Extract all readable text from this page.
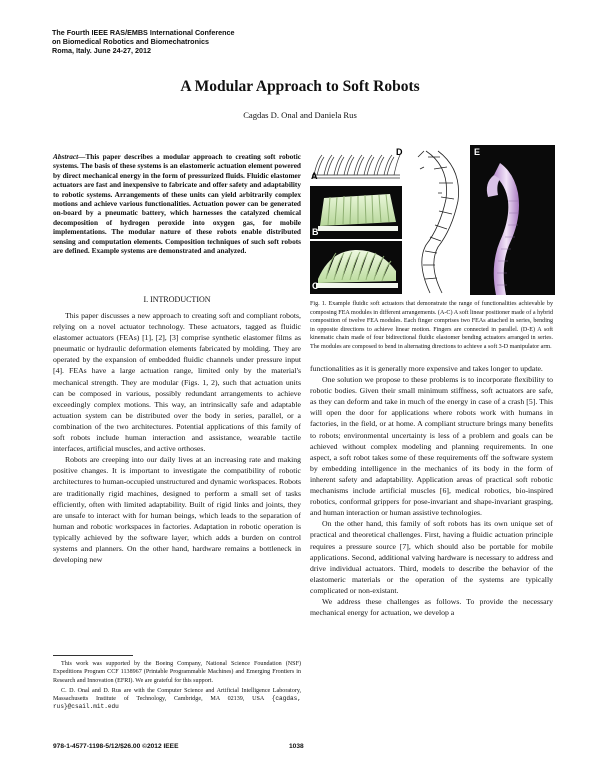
The Fourth IEEE RAS/EMBS International Conference
on Biomedical Robotics and Biomechatronics
Roma, Italy. June 24-27, 2012
A Modular Approach to Soft Robots
Cagdas D. Onal and Daniela Rus
Abstract—This paper describes a modular approach to creating soft robotic systems. The basis of these systems is an elastomeric actuation element powered by direct mechanical energy in the form of pressurized fluids. Fluidic elastomer actuators are fast and inexpensive to fabricate and offer safety and adaptability to robotic systems. Arrangements of these units can yield arbitrarily complex motions and achieve various functionalities. Actuation power can be generated on-board by a pneumatic battery, which harnesses the catalyzed chemical decomposition of hydrogen peroxide into oxygen gas, for mobile implementations. The modular nature of these robots enable distributed sensing and computation elements. Composition techniques of such soft robots are defined. Example systems are demonstrated and analyzed.
I. INTRODUCTION

This paper discusses a new approach to creating soft and compliant robots, relying on a novel actuator technology. These actuators, tagged as fluidic elastomer actuators (FEAs) [1], [2], [3] comprise synthetic elastomer films as pneumatic or hydraulic deformation elements fabricated by molding. They are operated by the expansion of embedded fluidic channels under pressure input [4]. FEAs have a large actuation range, limited only by the material's mechanical strength. They are modular (Figs. 1, 2), such that actuation units can be composed in various, possibly redundant arrangements to achieve exceedingly complex motions. This way, an intrinsically safe and adaptable actuation system can be distributed over the body in series, parallel, or a combination of the two architectures. Potential applications of this family of soft robots include human interaction and assistance, wearable tactile interfaces, artificial muscles, and active orthoses.

Robots are creeping into our daily lives at an increasing rate and making positive changes. It is important to investigate the compatibility of robotic architectures to human-occupied unstructured and dynamic workspaces. Robots are traditionally rigid machines, designed to perform a small set of tasks efficiently, often with limited adaptability. Built of rigid links and joints, they are unsafe to interact with for human beings, which leads to the separation of human and robotic workspaces in factories. Adaptation in robotic operation is typically achieved by the software layer, which adds a burden on control systems and planners. On the other hand, hardware remains a bottleneck in developing new

This work was supported by the Boeing Company, National Science Foundation (NSF) Expeditions Program CCF 1138967 (Printable Programmable Machines) and Emerging Frontiers in Research and Innovation (EFRI). We are grateful for this support.

C. D. Onal and D. Rus are with the Computer Science and Artificial Intelligence Laboratory, Massachusetts Institute of Technology, Cambridge, MA 02139, USA {cagdas, rus}@csail.mit.edu

A
B
C
D	E
Fig. 1. Example fluidic soft actuators that demonstrate the range of functionalities achievable by composing FEA modules in different arrangements. (A-C) A soft linear positioner made of a hybrid composition of twelve FEA modules. Each finger comprises two FEAs attached in series, bending in opposite directions to achieve linear motion. Fingers are connected in parallel. (D-E) A soft kinematic chain made of four bidirectional fluidic elastomer bending actuators arranged in series. The modules are composed to bend in alternating directions to achieve a soft 3-D manipulator arm.

functionalities as it is generally more expensive and takes longer to update.

One solution we propose to these problems is to incorporate flexibility to robotic bodies. Given their small minimum stiffness, soft actuators are safe, as they can deform and take in much of the energy in case of a crash [5]. This will open the door for applications where robots work with humans in factories, in the field, or at home. A compliant structure brings many benefits to robots; environmental uncertainty is less of a problem and goals can be achieved without complex modeling and planning requirements. In one aspect, a soft robot takes some of these requirements off the software system by embedding intelligence in the mechanics of its body in the form of inherent safety and adaptability. Application areas of practical soft robotic mechanisms include artificial muscles [6], medical robotics, bio-inspired robotics, conformal grippers for pose-invariant and shape-invariant grasping, and human interaction or human assistive technologies.

On the other hand, this family of soft robots has its own unique set of practical and theoretical challenges. First, having a fluidic actuation principle requires a pressure source [7], which should also be portable for mobile applications. Second, additional valving hardware is necessary to address and drive individual actuators. Third, models to describe the behavior of the elastomeric materials or the operation of the systems are typically complicated or non-existant.

We address these challenges as follows. To provide the necessary mechanical energy for actuation, we develop a

978-1-4577-1198-5/12/$26.00 ©2012 IEEE	1038
